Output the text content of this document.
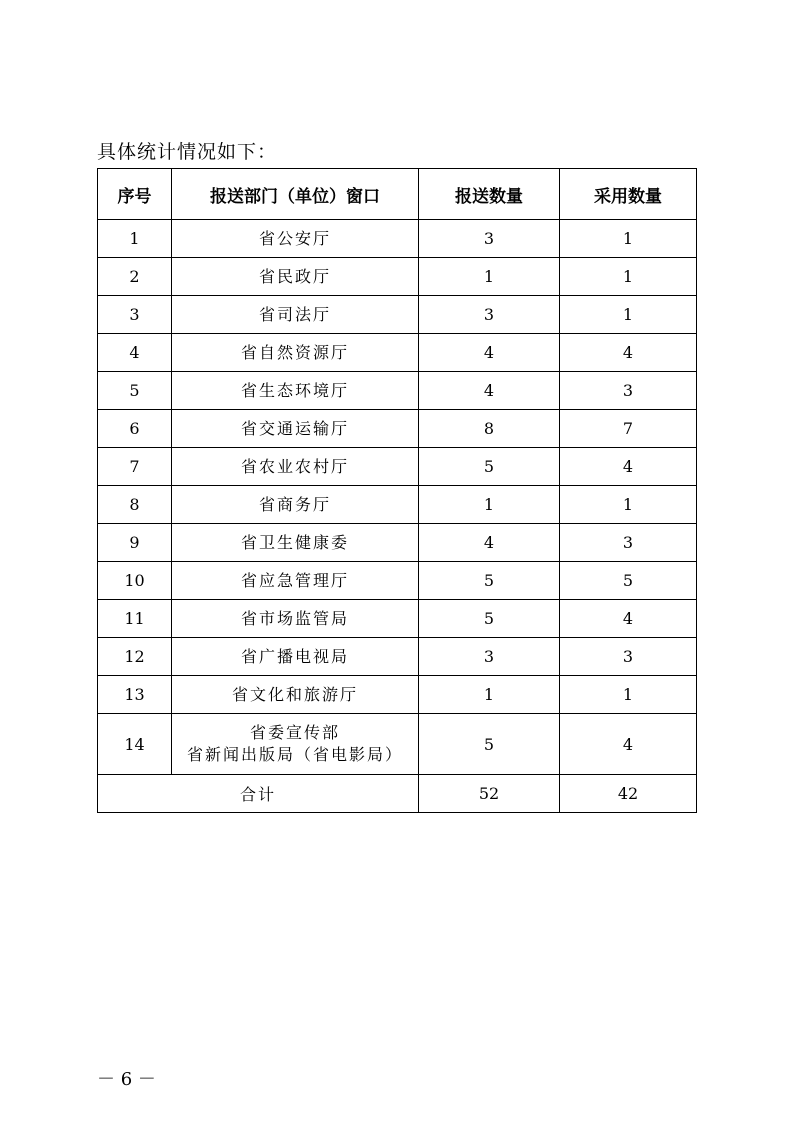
具体统计情况如下：
序号	报送部门（单位）窗口	报送数量	采用数量
1	省公安厅	3	1
2	省民政厅	1	1
3	省司法厅	3	1
4	省自然资源厅	4	4
5	省生态环境厅	4	3
6	省交通运输厅	8	7
7	省农业农村厅	5	4
8	省商务厅	1	1
9	省卫生健康委	4	3
10	省应急管理厅	5	5
11	省市场监管局	5	4
12	省广播电视局	3	3
13	省文化和旅游厅	1	1
14	省委宣传部
省新闻出版局（省电影局）	5	4
合计		52	42
－ 6 －
